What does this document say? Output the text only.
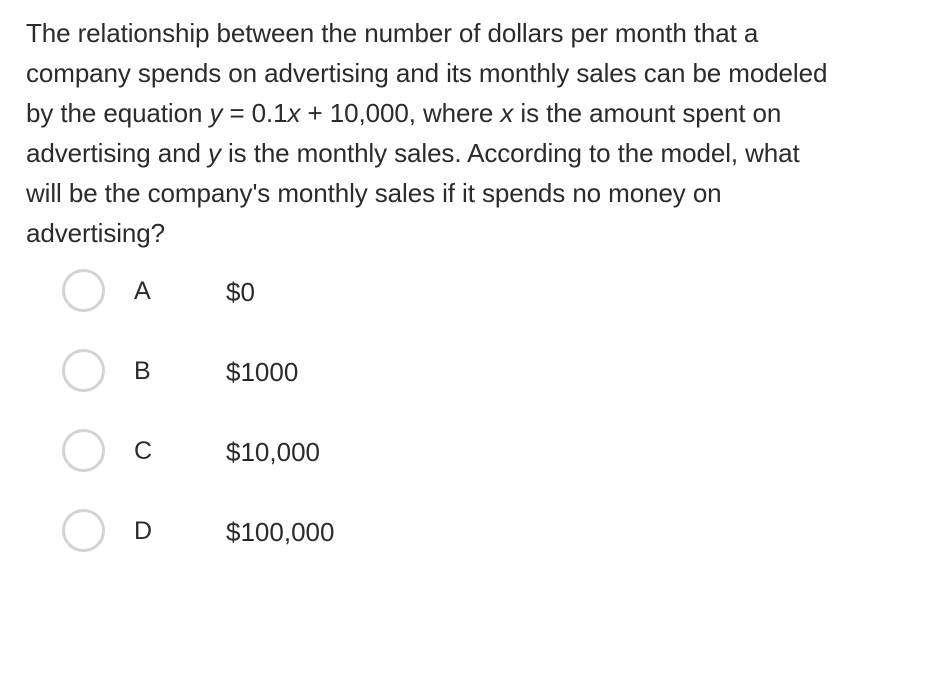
The relationship between the number of dollars per month that a
company spends on advertising and its monthly sales can be modeled
by the equation y = 0.1x + 10,000, where x is the amount spent on
advertising and y is the monthly sales. According to the model, what
will be the company's monthly sales if it spends no money on
advertising?
A	$0
B	$1000
C	$10,000
D	$100,000
